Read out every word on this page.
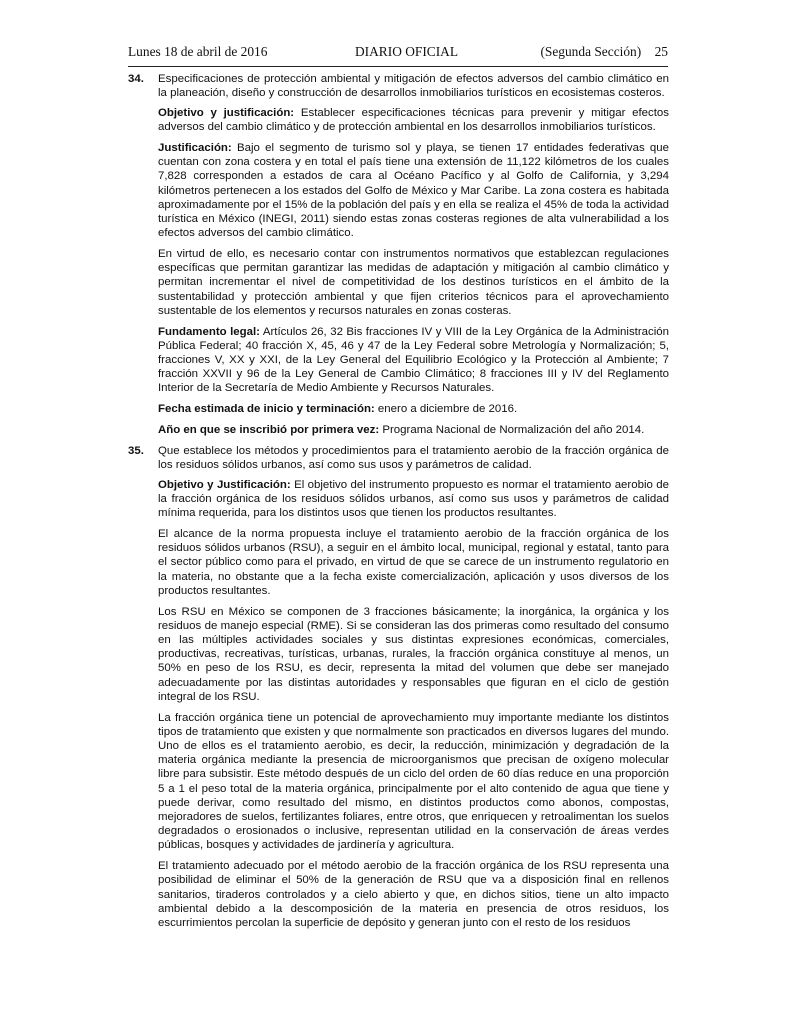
Lunes 18 de abril de 2016	DIARIO OFICIAL	(Segunda Sección) 25
34. Especificaciones de protección ambiental y mitigación de efectos adversos del cambio climático en la planeación, diseño y construcción de desarrollos inmobiliarios turísticos en ecosistemas costeros.

Objetivo y justificación: Establecer especificaciones técnicas para prevenir y mitigar efectos adversos del cambio climático y de protección ambiental en los desarrollos inmobiliarios turísticos.

Justificación: Bajo el segmento de turismo sol y playa, se tienen 17 entidades federativas que cuentan con zona costera y en total el país tiene una extensión de 11,122 kilómetros de los cuales 7,828 corresponden a estados de cara al Océano Pacífico y al Golfo de California, y 3,294 kilómetros pertenecen a los estados del Golfo de México y Mar Caribe. La zona costera es habitada aproximadamente por el 15% de la población del país y en ella se realiza el 45% de toda la actividad turística en México (INEGI, 2011) siendo estas zonas costeras regiones de alta vulnerabilidad a los efectos adversos del cambio climático.

En virtud de ello, es necesario contar con instrumentos normativos que establezcan regulaciones específicas que permitan garantizar las medidas de adaptación y mitigación al cambio climático y permitan incrementar el nivel de competitividad de los destinos turísticos en el ámbito de la sustentabilidad y protección ambiental y que fijen criterios técnicos para el aprovechamiento sustentable de los elementos y recursos naturales en zonas costeras.

Fundamento legal: Artículos 26, 32 Bis fracciones IV y VIII de la Ley Orgánica de la Administración Pública Federal; 40 fracción X, 45, 46 y 47 de la Ley Federal sobre Metrología y Normalización; 5, fracciones V, XX y XXI, de la Ley General del Equilibrio Ecológico y la Protección al Ambiente; 7 fracción XXVII y 96 de la Ley General de Cambio Climático; 8 fracciones III y IV del Reglamento Interior de la Secretaría de Medio Ambiente y Recursos Naturales.

Fecha estimada de inicio y terminación: enero a diciembre de 2016.

Año en que se inscribió por primera vez: Programa Nacional de Normalización del año 2014.

35. Que establece los métodos y procedimientos para el tratamiento aerobio de la fracción orgánica de los residuos sólidos urbanos, así como sus usos y parámetros de calidad.

Objetivo y Justificación: El objetivo del instrumento propuesto es normar el tratamiento aerobio de la fracción orgánica de los residuos sólidos urbanos, así como sus usos y parámetros de calidad mínima requerida, para los distintos usos que tienen los productos resultantes.

El alcance de la norma propuesta incluye el tratamiento aerobio de la fracción orgánica de los residuos sólidos urbanos (RSU), a seguir en el ámbito local, municipal, regional y estatal, tanto para el sector público como para el privado, en virtud de que se carece de un instrumento regulatorio en la materia, no obstante que a la fecha existe comercialización, aplicación y usos diversos de los productos resultantes.

Los RSU en México se componen de 3 fracciones básicamente; la inorgánica, la orgánica y los residuos de manejo especial (RME). Si se consideran las dos primeras como resultado del consumo en las múltiples actividades sociales y sus distintas expresiones económicas, comerciales, productivas, recreativas, turísticas, urbanas, rurales, la fracción orgánica constituye al menos, un 50% en peso de los RSU, es decir, representa la mitad del volumen que debe ser manejado adecuadamente por las distintas autoridades y responsables que figuran en el ciclo de gestión integral de los RSU.

La fracción orgánica tiene un potencial de aprovechamiento muy importante mediante los distintos tipos de tratamiento que existen y que normalmente son practicados en diversos lugares del mundo. Uno de ellos es el tratamiento aerobio, es decir, la reducción, minimización y degradación de la materia orgánica mediante la presencia de microorganismos que precisan de oxígeno molecular libre para subsistir. Este método después de un ciclo del orden de 60 días reduce en una proporción 5 a 1 el peso total de la materia orgánica, principalmente por el alto contenido de agua que tiene y puede derivar, como resultado del mismo, en distintos productos como abonos, compostas, mejoradores de suelos, fertilizantes foliares, entre otros, que enriquecen y retroalimentan los suelos degradados o erosionados o inclusive, representan utilidad en la conservación de áreas verdes públicas, bosques y actividades de jardinería y agricultura.

El tratamiento adecuado por el método aerobio de la fracción orgánica de los RSU representa una posibilidad de eliminar el 50% de la generación de RSU que va a disposición final en rellenos sanitarios, tiraderos controlados y a cielo abierto y que, en dichos sitios, tiene un alto impacto ambiental debido a la descomposición de la materia en presencia de otros residuos, los escurrimientos percolan la superficie de depósito y generan junto con el resto de los residuos
